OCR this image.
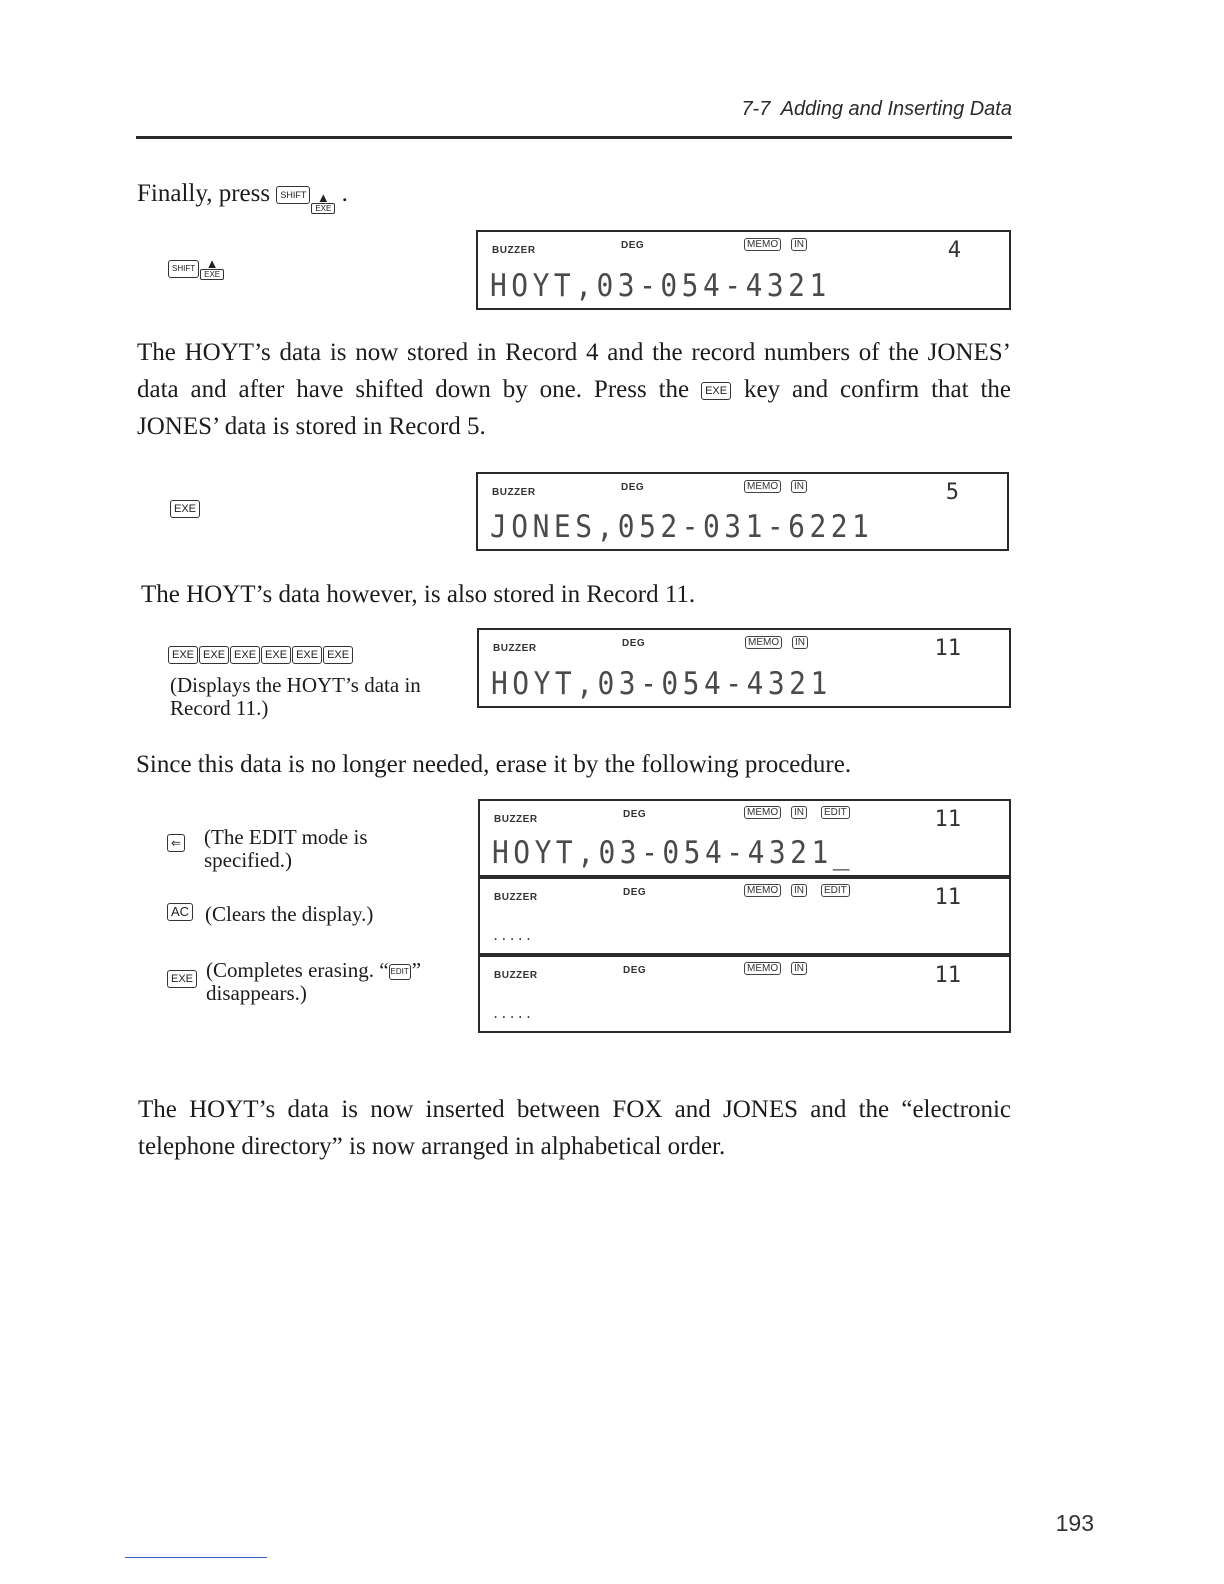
7-7 Adding and Inserting Data
Finally, press SHIFT ▲
EXE
.
SHIFT ▲
EXE
BUZZER	DEG	MEMO	IN	4
HOYT,03-054-4321
The HOYT’s data is now stored in Record 4 and the record numbers of the JONES’ data and after have shifted down by one. Press the EXE key and confirm that the JONES’ data is stored in Record 5.
EXE
BUZZER	DEG	MEMO	IN	5
JONES,052-031-6221
The HOYT’s data however, is also stored in Record 11.
EXE EXE EXE EXE EXE EXE
(Displays the HOYT’s data in Record 11.)
BUZZER	DEG	MEMO	IN	11
HOYT,03-054-4321
Since this data is no longer needed, erase it by the following procedure.
⇐ (The EDIT mode is specified.)
AC (Clears the display.)
EXE (Completes erasing. “ EDIT ” disappears.)
BUZZER	DEG	MEMO	IN	EDIT	11
HOYT,03-054-4321_
BUZZER	DEG	MEMO	IN	EDIT	11
.....
BUZZER	DEG	MEMO	IN	11
.....
The HOYT’s data is now inserted between FOX and JONES and the “electronic telephone directory” is now arranged in alphabetical order.
193
